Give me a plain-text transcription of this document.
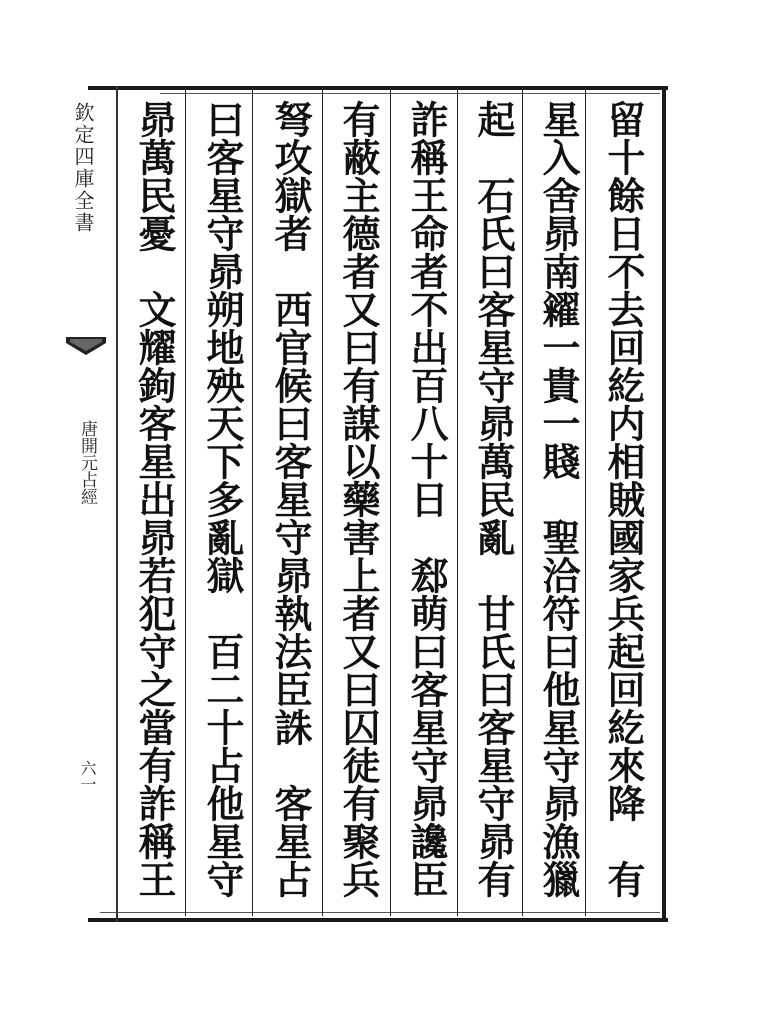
欽定四庫全書
唐開元占經
六一	留十餘日不去回紇内相賊國家兵起回紇來降　有
星入舍昴南糴一貴一賤　聖洽符曰他星守昴漁獵
起　石氏曰客星守昴萬民亂　甘氏曰客星守昴有
詐稱王命者不出百八十日　郄萌曰客星守昴讒臣
有蔽主德者又曰有謀以藥害上者又曰囚徒有聚兵
弩攻獄者　西官候曰客星守昴執法臣誅　客星占
曰客星守昴朔地殃天下多亂獄　百二十占他星守
昴萬民憂　文耀鉤客星出昴若犯守之當有詐稱王
